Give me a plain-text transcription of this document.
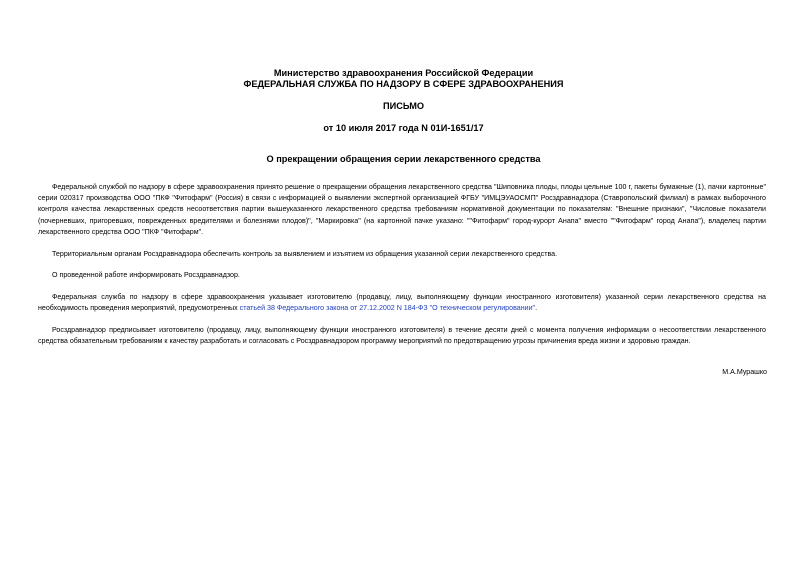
Министерство здравоохранения Российской Федерации
ФЕДЕРАЛЬНАЯ СЛУЖБА ПО НАДЗОРУ В СФЕРЕ ЗДРАВООХРАНЕНИЯ
ПИСЬМО
от 10 июля 2017 года N 01И-1651/17
О прекращении обращения серии лекарственного средства

Федеральной службой по надзору в сфере здравоохранения принято решение о прекращении обращения лекарственного средства "Шиповника плоды, плоды цельные 100 г, пакеты бумажные (1), пачки картонные" серии 020317 производства ООО "ПКФ "Фитофарм" (Россия) в связи с информацией о выявлении экспертной организацией ФГБУ "ИМЦЭУАОСМП" Росздравнадзора (Ставропольский филиал) в рамках выборочного контроля качества лекарственных средств несоответствия партии вышеуказанного лекарственного средства требованиям нормативной документации по показателям: "Внешние признаки", "Числовые показатели (почерневших, пригоревших, поврежденных вредителями и болезнями плодов)", "Маркировка" (на картонной пачке указано: ""Фитофарм" город-курорт Анапа" вместо ""Фитофарм" город Анапа"), владелец партии лекарственного средства ООО "ПКФ "Фитофарм".

Территориальным органам Росздравнадзора обеспечить контроль за выявлением и изъятием из обращения указанной серии лекарственного средства.

О проведенной работе информировать Росздравнадзор.

Федеральная служба по надзору в сфере здравоохранения указывает изготовителю (продавцу, лицу, выполняющему функции иностранного изготовителя) указанной серии лекарственного средства на необходимость проведения мероприятий, предусмотренных статьей 38 Федерального закона от 27.12.2002 N 184-ФЗ "О техническом регулировании".

Росздравнадзор предписывает изготовителю (продавцу, лицу, выполняющему функции иностранного изготовителя) в течение десяти дней с момента получения информации о несоответствии лекарственного средства обязательным требованиям к качеству разработать и согласовать с Росздравнадзором программу мероприятий по предотвращению угрозы причинения вреда жизни и здоровью граждан.

М.А.Мурашко
